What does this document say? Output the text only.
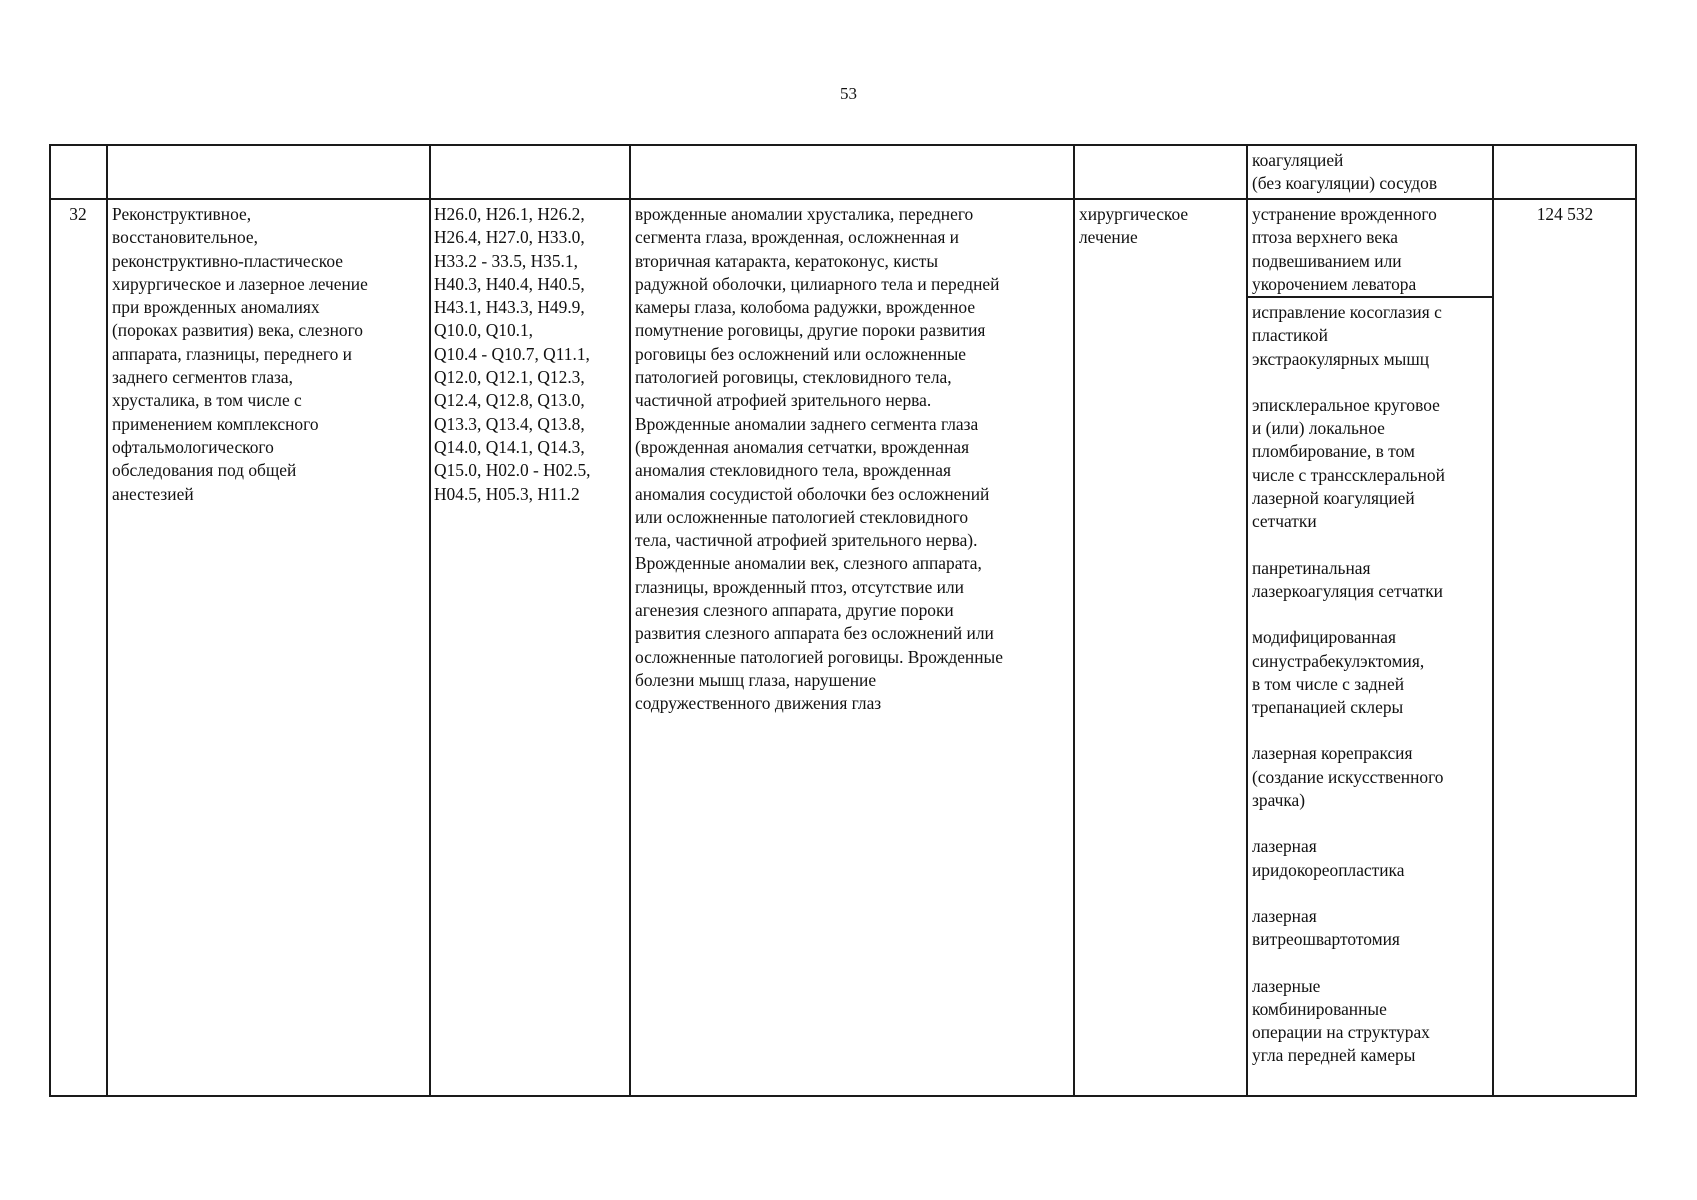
53
коагуляцией
(без коагуляции) сосудов
32	Реконструктивное,
восстановительное,
реконструктивно-пластическое
хирургическое и лазерное лечение
при врожденных аномалиях
(пороках развития) века, слезного
аппарата, глазницы, переднего и
заднего сегментов глаза,
хрусталика, в том числе с
применением комплексного
офтальмологического
обследования под общей
анестезией
H26.0, H26.1, H26.2,
H26.4, H27.0, H33.0,
H33.2 - 33.5, H35.1,
H40.3, H40.4, H40.5,
H43.1, H43.3, H49.9,
Q10.0, Q10.1,
Q10.4 - Q10.7, Q11.1,
Q12.0, Q12.1, Q12.3,
Q12.4, Q12.8, Q13.0,
Q13.3, Q13.4, Q13.8,
Q14.0, Q14.1, Q14.3,
Q15.0, H02.0 - H02.5,
H04.5, H05.3, H11.2
врожденные аномалии хрусталика, переднего
сегмента глаза, врожденная, осложненная и
вторичная катаракта, кератоконус, кисты
радужной оболочки, цилиарного тела и передней
камеры глаза, колобома радужки, врожденное
помутнение роговицы, другие пороки развития
роговицы без осложнений или осложненные
патологией роговицы, стекловидного тела,
частичной атрофией зрительного нерва.
Врожденные аномалии заднего сегмента глаза
(врожденная аномалия сетчатки, врожденная
аномалия стекловидного тела, врожденная
аномалия сосудистой оболочки без осложнений
или осложненные патологией стекловидного
тела, частичной атрофией зрительного нерва).
Врожденные аномалии век, слезного аппарата,
глазницы, врожденный птоз, отсутствие или
агенезия слезного аппарата, другие пороки
развития слезного аппарата без осложнений или
осложненные патологией роговицы. Врожденные
болезни мышц глаза, нарушение
содружественного движения глаз
хирургическое
лечение
устранение врожденного
птоза верхнего века
подвешиванием или
укорочением леватора
исправление косоглазия с
пластикой
экстраокулярных мышц
эписклеральное круговое
и (или) локальное
пломбирование, в том
числе с транссклеральной
лазерной коагуляцией
сетчатки
панретинальная
лазеркоагуляция сетчатки
модифицированная
синустрабекулэктомия,
в том числе с задней
трепанацией склеры
лазерная корепраксия
(создание искусственного
зрачка)
лазерная
иридокореопластика
лазерная
витреошвартотомия
лазерные
комбинированные
операции на структурах
угла передней камеры
124 532
